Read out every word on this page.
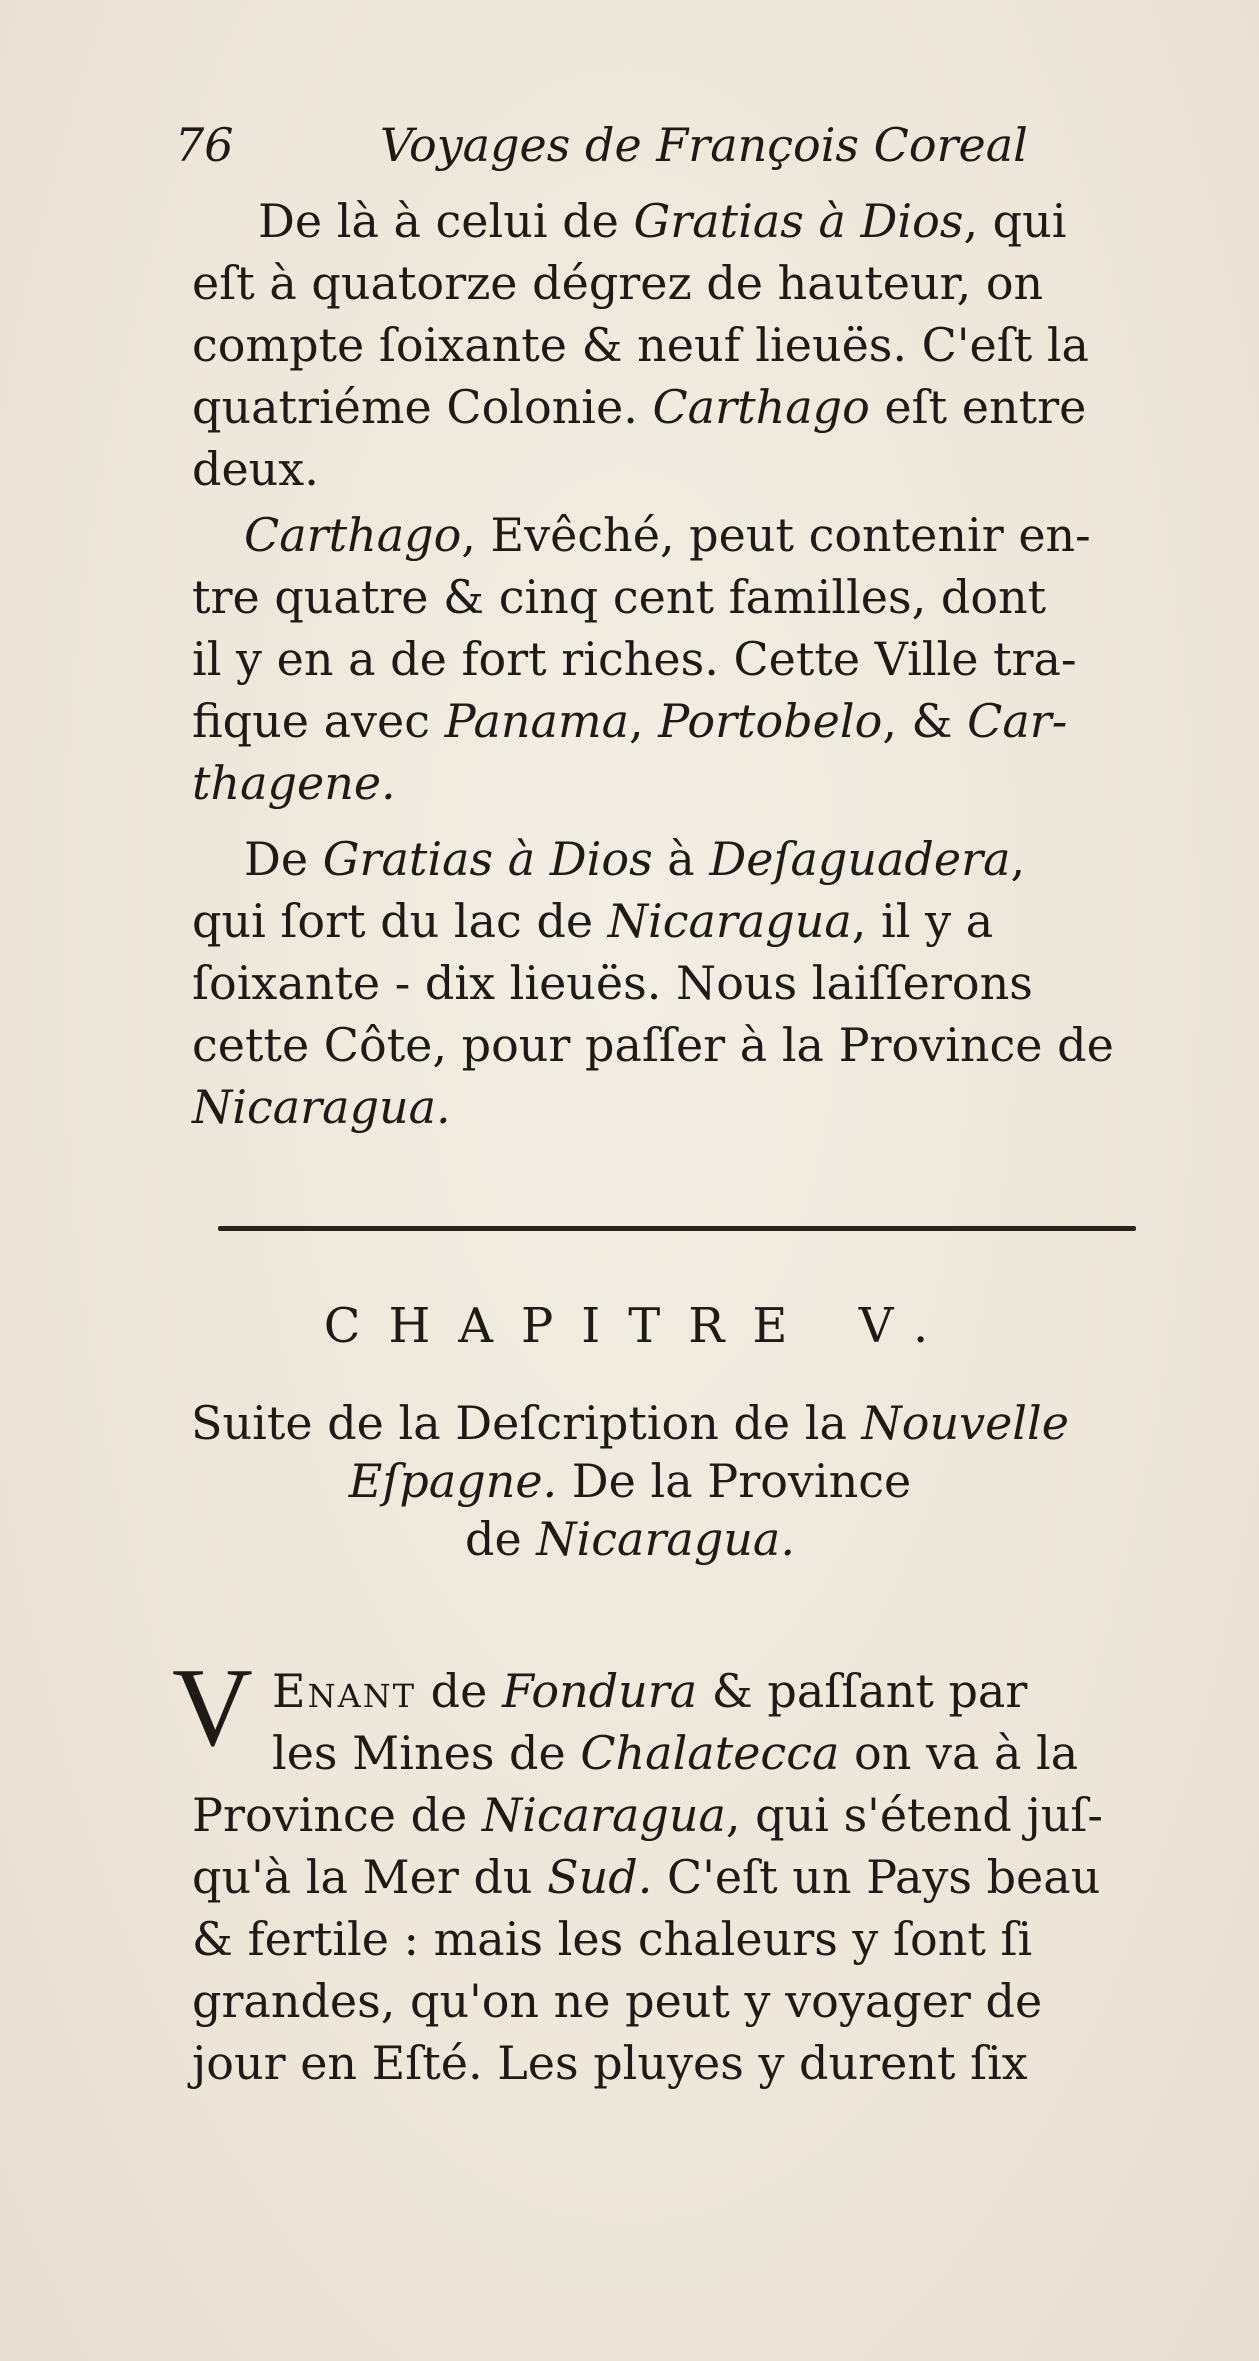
76	Voyages de François Coreal
De là à celui de Gratias à Dios, qui
eſt à quatorze dégrez de hauteur, on
compte ſoixante & neuf lieuës. C'eſt la
quatriéme Colonie. Carthago eſt entre
deux.
Carthago, Evêché, peut contenir en-
tre quatre & cinq cent familles, dont
il y en a de fort riches. Cette Ville tra-
fique avec Panama, Portobelo, & Car-
thagene.
De Gratias à Dios à Deſaguadera,
qui ſort du lac de Nicaragua, il y a
ſoixante - dix lieuës. Nous laiſſerons
cette Côte, pour paſſer à la Province de
Nicaragua.
CHAPITRE V.
Suite de la Deſcription de la Nouvelle
Eſpagne. De la Province
de Nicaragua.
V Enant de Fondura & paſſant par
les Mines de Chalatecca on va à la
Province de Nicaragua, qui s'étend juſ-
qu'à la Mer du Sud. C'eſt un Pays beau
& fertile : mais les chaleurs y ſont ſi
grandes, qu'on ne peut y voyager de
jour en Eſté. Les pluyes y durent ſix
